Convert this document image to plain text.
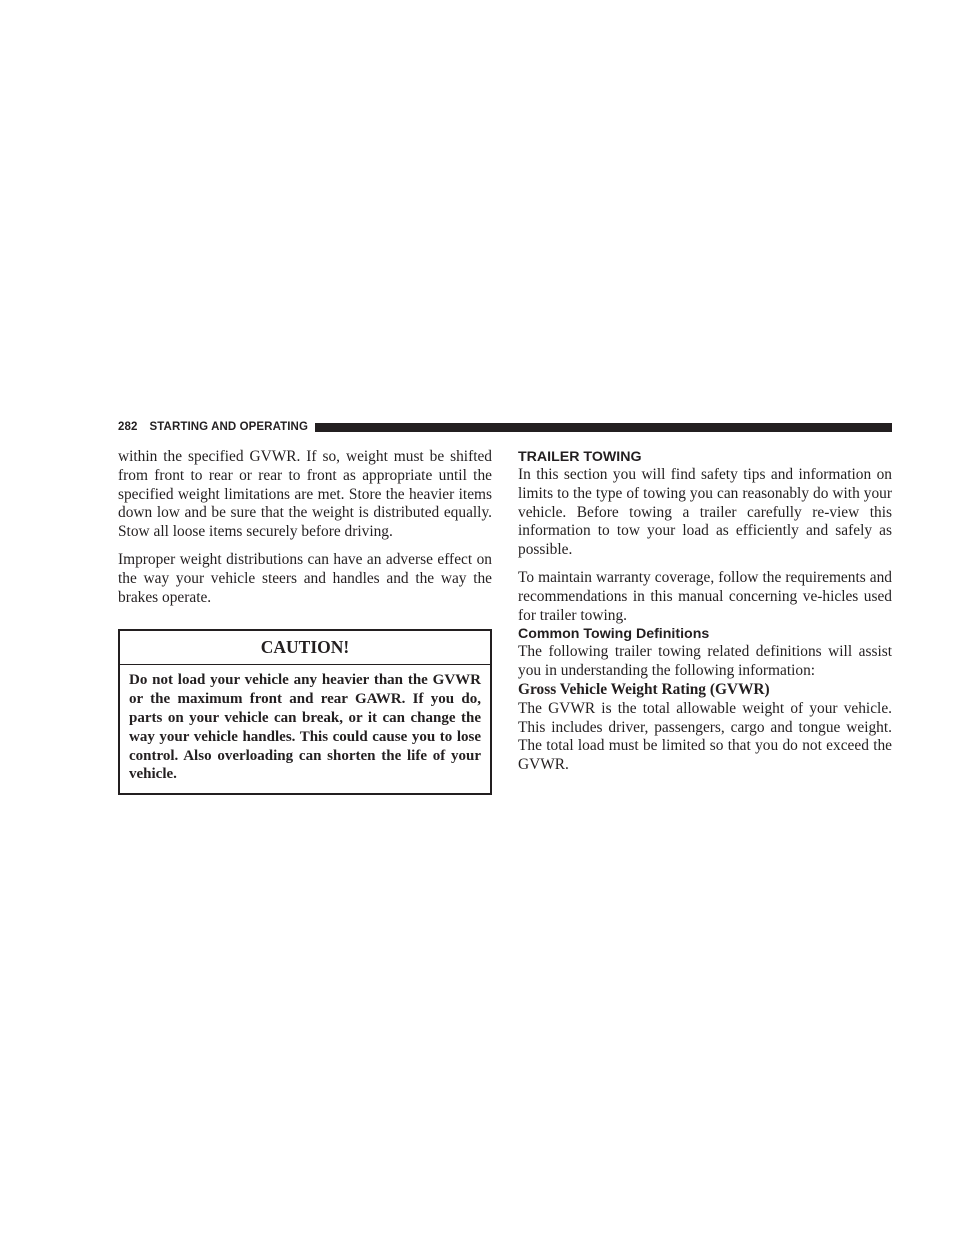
282 STARTING AND OPERATING

within the specified GVWR. If so, weight must be shifted from front to rear or rear to front as appropriate until the specified weight limitations are met. Store the heavier items down low and be sure that the weight is distributed equally. Stow all loose items securely before driving.

Improper weight distributions can have an adverse effect on the way your vehicle steers and handles and the way the brakes operate.

CAUTION!
Do not load your vehicle any heavier than the GVWR or the maximum front and rear GAWR. If you do, parts on your vehicle can break, or it can change the way your vehicle handles. This could cause you to lose control. Also overloading can shorten the life of your vehicle.
TRAILER TOWING

In this section you will find safety tips and information on limits to the type of towing you can reasonably do with your vehicle. Before towing a trailer carefully re-view this information to tow your load as efficiently and safely as possible.

To maintain warranty coverage, follow the requirements and recommendations in this manual concerning ve-hicles used for trailer towing.

Common Towing Definitions

The following trailer towing related definitions will assist you in understanding the following information:

Gross Vehicle Weight Rating (GVWR)

The GVWR is the total allowable weight of your vehicle. This includes driver, passengers, cargo and tongue weight. The total load must be limited so that you do not exceed the GVWR.
